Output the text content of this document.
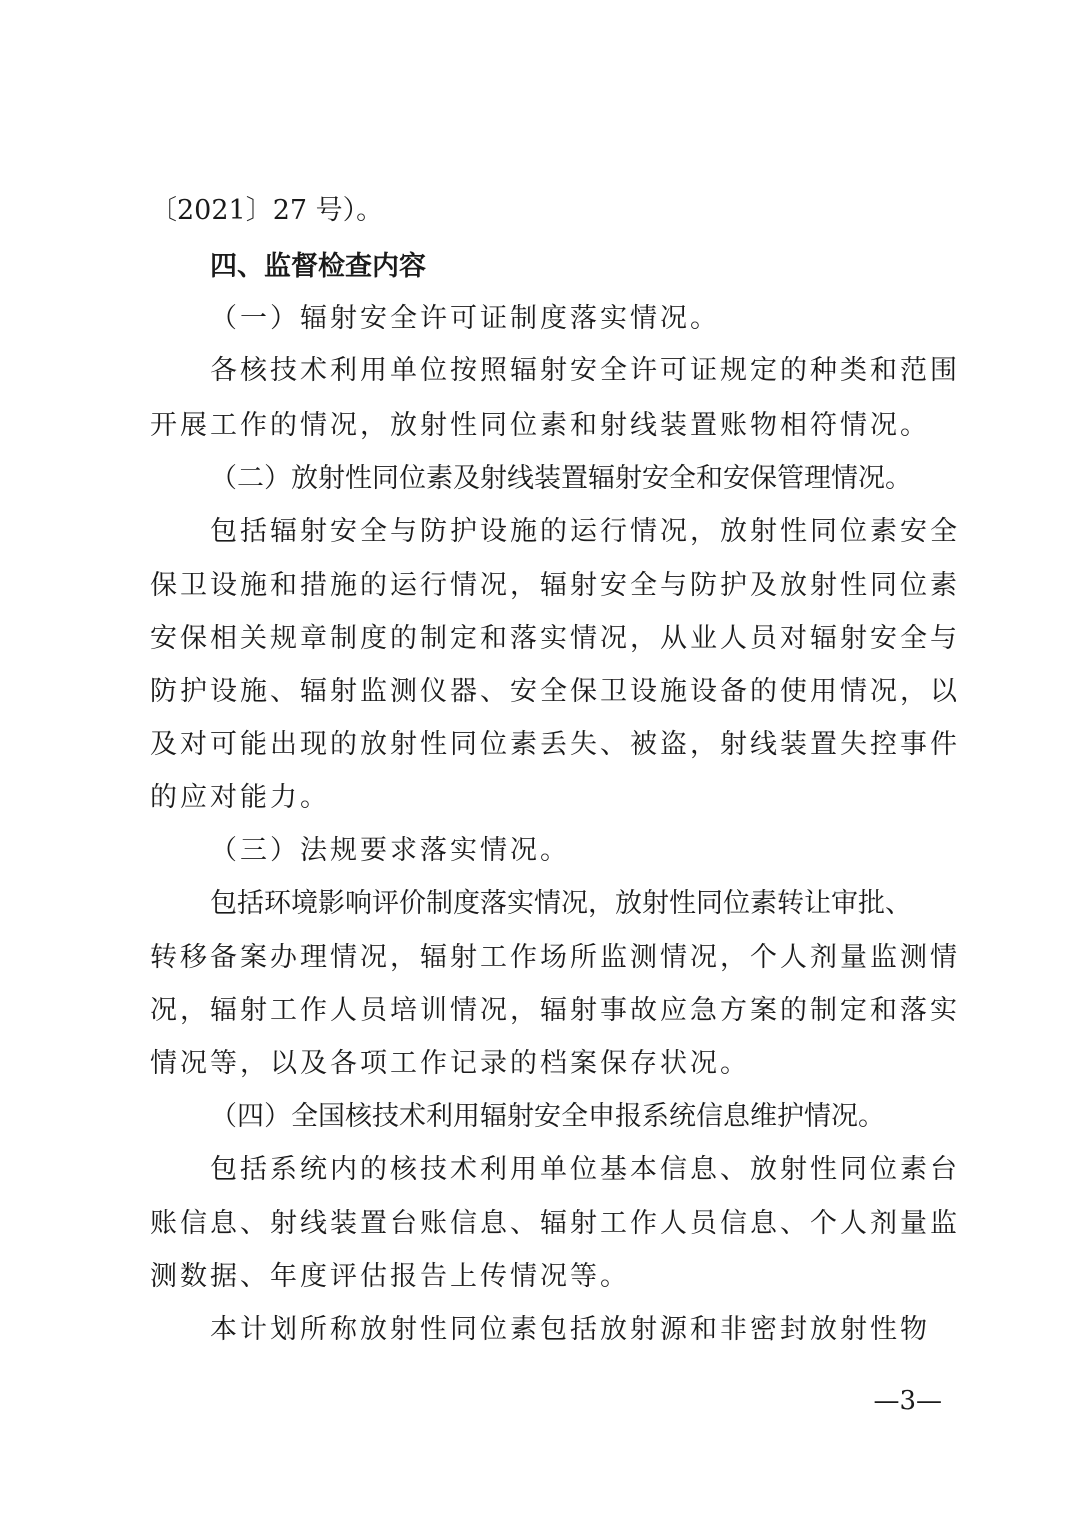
〔2021〕27 号）。
四、监督检查内容
（一）辐射安全许可证制度落实情况。
各核技术利用单位按照辐射安全许可证规定的种类和范围
开展工作的情况，放射性同位素和射线装置账物相符情况。
（二）放射性同位素及射线装置辐射安全和安保管理情况。
包括辐射安全与防护设施的运行情况，放射性同位素安全
保卫设施和措施的运行情况，辐射安全与防护及放射性同位素
安保相关规章制度的制定和落实情况，从业人员对辐射安全与
防护设施、辐射监测仪器、安全保卫设施设备的使用情况，以
及对可能出现的放射性同位素丢失、被盗，射线装置失控事件
的应对能力。
（三）法规要求落实情况。
包括环境影响评价制度落实情况，放射性同位素转让审批、
转移备案办理情况，辐射工作场所监测情况，个人剂量监测情
况，辐射工作人员培训情况，辐射事故应急方案的制定和落实
情况等，以及各项工作记录的档案保存状况。
（四）全国核技术利用辐射安全申报系统信息维护情况。
包括系统内的核技术利用单位基本信息、放射性同位素台
账信息、射线装置台账信息、辐射工作人员信息、个人剂量监
测数据、年度评估报告上传情况等。
本计划所称放射性同位素包括放射源和非密封放射性物
—3—
